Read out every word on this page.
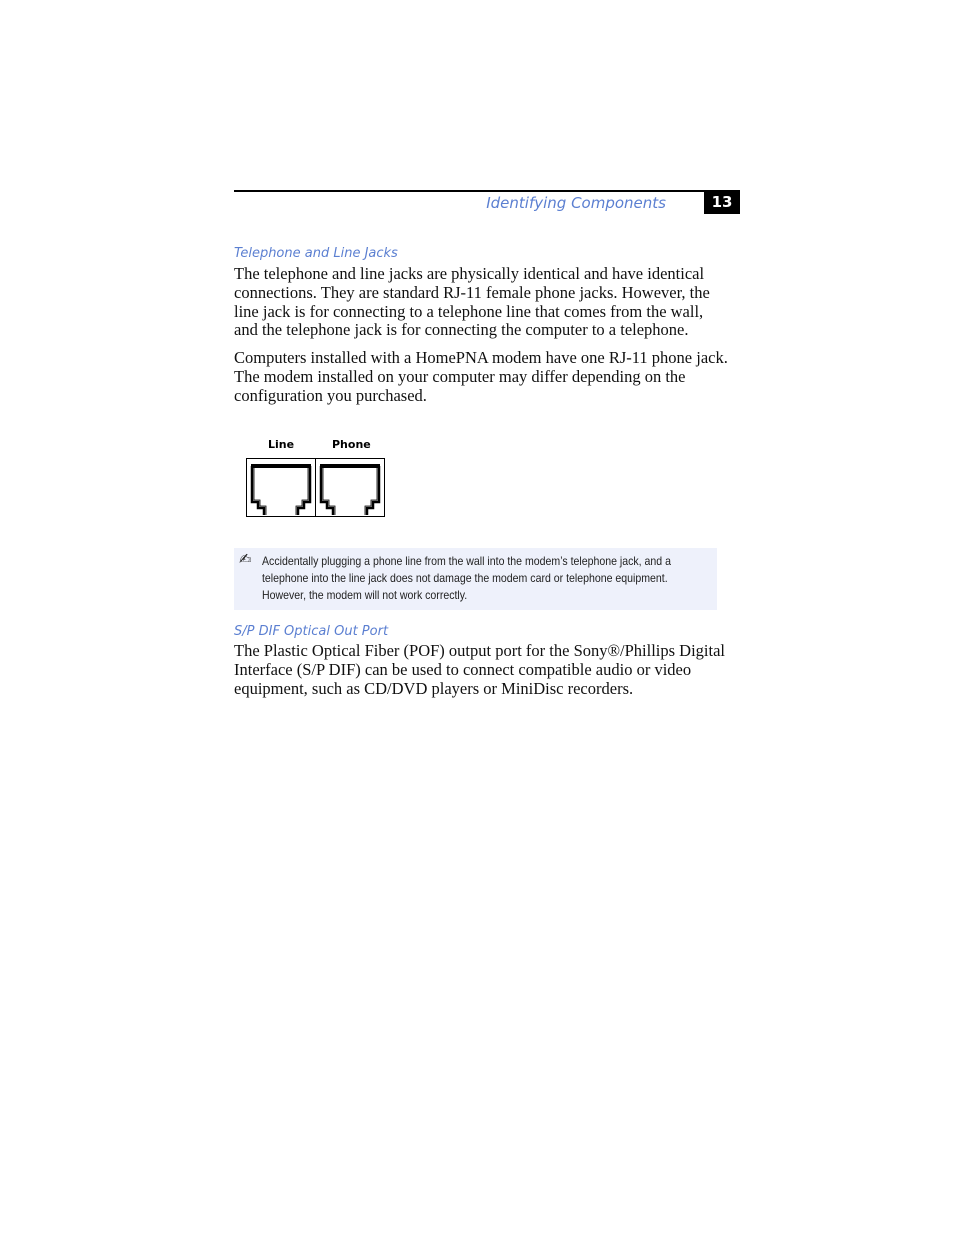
Identifying Components	13
Telephone and Line Jacks

The telephone and line jacks are physically identical and have identical connections. They are standard RJ-11 female phone jacks. However, the line jack is for connecting to a telephone line that comes from the wall, and the telephone jack is for connecting the computer to a telephone.

Computers installed with a HomePNA modem have one RJ-11 phone jack. The modem installed on your computer may differ depending on the configuration you purchased.

Line	Phone
✍ Accidentally plugging a phone line from the wall into the modem’s telephone jack, and a telephone into the line jack does not damage the modem card or telephone equipment. However, the modem will not work correctly.

S/P DIF Optical Out Port

The Plastic Optical Fiber (POF) output port for the Sony®/Phillips Digital Interface (S/P DIF) can be used to connect compatible audio or video equipment, such as CD/DVD players or MiniDisc recorders.
